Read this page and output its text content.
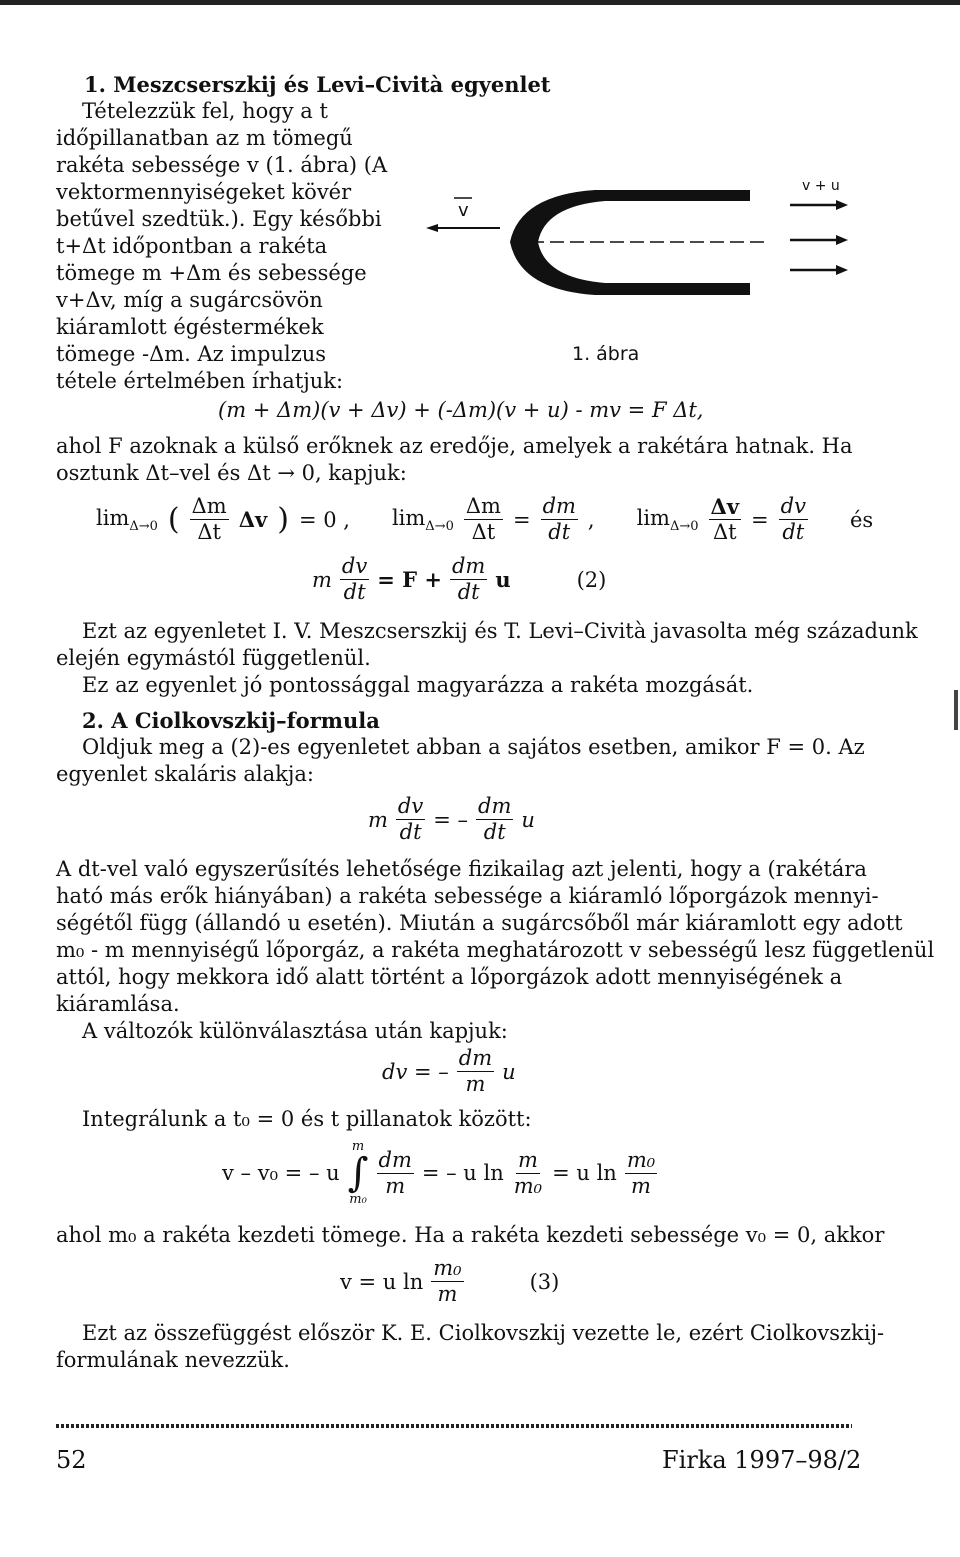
1. Meszcserszkij és Levi–Cività egyenlet
Tételezzük fel, hogy a t
időpillanatban az m tömegű
rakéta sebessége v (1. ábra) (A
vektormennyiségeket kövér
betűvel szedtük.). Egy későbbi
t+Δt időpontban a rakéta
tömege m +Δm és sebessége
v+Δv, míg a sugárcsövön
kiáramlott égéstermékek
tömege -Δm. Az impulzus
tétele értelmében írhatjuk:
v
v + u
1. ábra
(m + Δm)(v + Δv) + (-Δm)(v + u) - mv = F Δt,
ahol F azoknak a külső erőknek az eredője, amelyek a rakétára hatnak. Ha
osztunk Δt–vel és Δt → 0, kapjuk:
$\lim_{\Delta\to 0}$ ( $\frac{\Delta m}{\Delta t}$ Δv ) = 0 , $\lim_{\Delta\to 0} \frac{\Delta m}{\Delta t} = \frac{dm}{dt}$ , $\lim_{\Delta\to 0} \frac{\Delta v}{\Delta t} = \frac{dv}{dt}$ és
m $\frac{dv}{dt} = F + \frac{dm}{dt}$ u	(2)
Ezt az egyenletet I. V. Meszcserszkij és T. Levi–Cività javasolta még századunk
elején egymástól függetlenül.
Ez az egyenlet jó pontossággal magyarázza a rakéta mozgását.
2. A Ciolkovszkij–formula
Oldjuk meg a (2)-es egyenletet abban a sajátos esetben, amikor F = 0. Az
egyenlet skaláris alakja:
m $\frac{dv}{dt}$ = – $\frac{dm}{dt}$ u
A dt-vel való egyszerűsítés lehetősége fizikailag azt jelenti, hogy a (rakétára
ható más erők hiányában) a rakéta sebessége a kiáramló lőporgázok mennyi-
ségétől függ (állandó u esetén). Miután a sugárcsőből már kiáramlott egy adott
m₀ - m mennyiségű lőporgáz, a rakéta meghatározott v sebességű lesz függetlenül
attól, hogy mekkora idő alatt történt a lőporgázok adott mennyiségének a
kiáramlása.
A változók különválasztása után kapjuk:
dv = – $\frac{dm}{m}$ u
Integrálunk a t₀ = 0 és t pillanatok között:
v – v₀ = – u
m
∫
m₀
$\frac{dm}{m}$ = – u $\ln \frac{m}{\text{m₀}} = u$ $\ln \frac{\text{m₀}}{m}$
ahol m₀ a rakéta kezdeti tömege. Ha a rakéta kezdeti sebessége v₀ = 0, akkor
v = u $\ln \frac{\text{m₀}}{m}$	(3)
Ezt az összefüggést először K. E. Ciolkovszkij vezette le, ezért Ciolkovszkij-
formulának nevezzük.
52	Firka 1997–98/2
